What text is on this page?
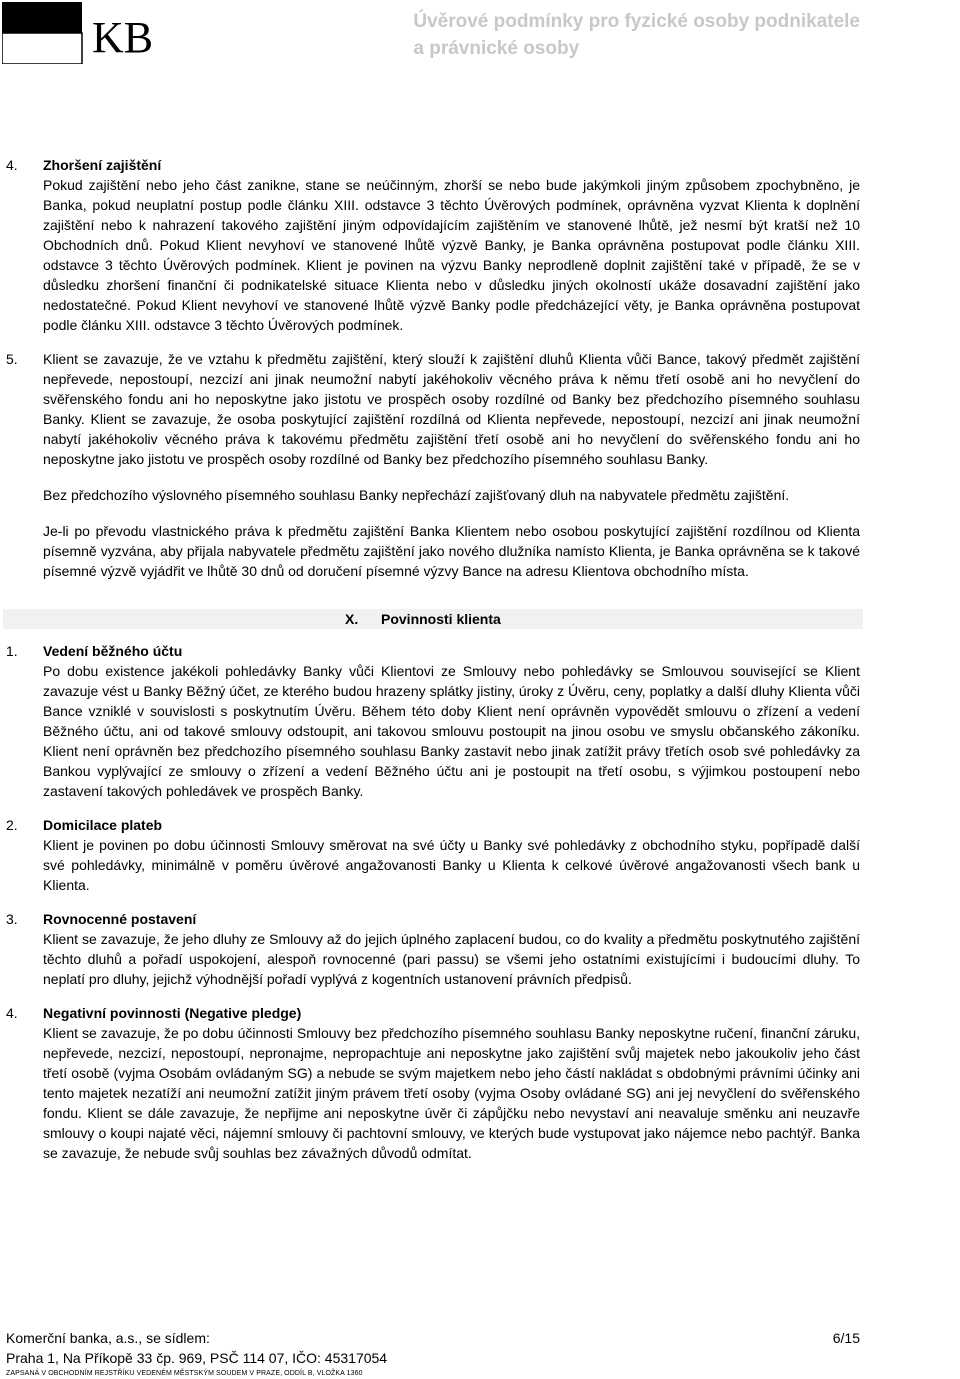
KB	Úvěrové podmínky pro fyzické osoby podnikatele
a právnické osoby
4.	Zhoršení zajištění

Pokud zajištění nebo jeho část zanikne, stane se neúčinným, zhorší se nebo bude jakýmkoli jiným způsobem zpochybněno, je Banka, pokud neuplatní postup podle článku XIII. odstavce 3 těchto Úvěrových podmínek, oprávněna vyzvat Klienta k doplnění zajištění nebo k nahrazení takového zajištění jiným odpovídajícím zajištěním ve stanovené lhůtě, jež nesmí být kratší než 10 Obchodních dnů. Pokud Klient nevyhoví ve stanovené lhůtě výzvě Banky, je Banka oprávněna postupovat podle článku XIII. odstavce 3 těchto Úvěrových podmínek. Klient je povinen na výzvu Banky neprodleně doplnit zajištění také v případě, že se v důsledku zhoršení finanční či podnikatelské situace Klienta nebo v důsledku jiných okolností ukáže dosavadní zajištění jako nedostatečné. Pokud Klient nevyhoví ve stanovené lhůtě výzvě Banky podle předcházející věty, je Banka oprávněna postupovat podle článku XIII. odstavce 3 těchto Úvěrových podmínek.

5.	Klient se zavazuje, že ve vztahu k předmětu zajištění, který slouží k zajištění dluhů Klienta vůči Bance, takový předmět zajištění nepřevede, nepostoupí, nezcizí ani jinak neumožní nabytí jakéhokoliv věcného práva k němu třetí osobě ani ho nevyčlení do svěřenského fondu ani ho neposkytne jako jistotu ve prospěch osoby rozdílné od Banky bez předchozího písemného souhlasu Banky. Klient se zavazuje, že osoba poskytující zajištění rozdílná od Klienta nepřevede, nepostoupí, nezcizí ani jinak neumožní nabytí jakéhokoliv věcného práva k takovému předmětu zajištění třetí osobě ani ho nevyčlení do svěřenského fondu ani ho neposkytne jako jistotu ve prospěch osoby rozdílné od Banky bez předchozího písemného souhlasu Banky.

Bez předchozího výslovného písemného souhlasu Banky nepřechází zajišťovaný dluh na nabyvatele předmětu zajištění.

Je-li po převodu vlastnického práva k předmětu zajištění Banka Klientem nebo osobou poskytující zajištění rozdílnou od Klienta písemně vyzvána, aby přijala nabyvatele předmětu zajištění jako nového dlužníka namísto Klienta, je Banka oprávněna se k takové písemné výzvě vyjádřit ve lhůtě 30 dnů od doručení písemné výzvy Bance na adresu Klientova obchodního místa.

X. Povinnosti klienta
1.	Vedení běžného účtu

Po dobu existence jakékoli pohledávky Banky vůči Klientovi ze Smlouvy nebo pohledávky se Smlouvou související se Klient zavazuje vést u Banky Běžný účet, ze kterého budou hrazeny splátky jistiny, úroky z Úvěru, ceny, poplatky a další dluhy Klienta vůči Bance vzniklé v souvislosti s poskytnutím Úvěru. Během této doby Klient není oprávněn vypovědět smlouvu o zřízení a vedení Běžného účtu, ani od takové smlouvy odstoupit, ani takovou smlouvu postoupit na jinou osobu ve smyslu občanského zákoníku. Klient není oprávněn bez předchozího písemného souhlasu Banky zastavit nebo jinak zatížit právy třetích osob své pohledávky za Bankou vyplývající ze smlouvy o zřízení a vedení Běžného účtu ani je postoupit na třetí osobu, s výjimkou postoupení nebo zastavení takových pohledávek ve prospěch Banky.

2.	Domicilace plateb

Klient je povinen po dobu účinnosti Smlouvy směrovat na své účty u Banky své pohledávky z obchodního styku, popřípadě další své pohledávky, minimálně v poměru úvěrové angažovanosti Banky u Klienta k celkové úvěrové angažovanosti všech bank u Klienta.

3.	Rovnocenné postavení

Klient se zavazuje, že jeho dluhy ze Smlouvy až do jejich úplného zaplacení budou, co do kvality a předmětu poskytnutého zajištění těchto dluhů a pořadí uspokojení, alespoň rovnocenné (pari passu) se všemi jeho ostatními existujícími i budoucími dluhy. To neplatí pro dluhy, jejichž výhodnější pořadí vyplývá z kogentních ustanovení právních předpisů.

4.	Negativní povinnosti (Negative pledge)

Klient se zavazuje, že po dobu účinnosti Smlouvy bez předchozího písemného souhlasu Banky neposkytne ručení, finanční záruku, nepřevede, nezcizí, nepostoupí, nepronajme, nepropachtuje ani neposkytne jako zajištění svůj majetek nebo jakoukoliv jeho část třetí osobě (vyjma Osobám ovládaným SG) a nebude se svým majetkem nebo jeho částí nakládat s obdobnými právními účinky ani tento majetek nezatíží ani neumožní zatížit jiným právem třetí osoby (vyjma Osoby ovládané SG) ani jej nevyčlení do svěřenského fondu. Klient se dále zavazuje, že nepřijme ani neposkytne úvěr či zápůjčku nebo nevystaví ani neavaluje směnku ani neuzavře smlouvy o koupi najaté věci, nájemní smlouvy či pachtovní smlouvy, ve kterých bude vystupovat jako nájemce nebo pachtýř. Banka se zavazuje, že nebude svůj souhlas bez závažných důvodů odmítat.

Komerční banka, a.s., se sídlem:	6/15
Praha 1, Na Příkopě 33 čp. 969, PSČ 114 07, IČO: 45317054
ZAPSANÁ V OBCHODNÍM REJSTŘÍKU VEDENÉM MĚSTSKÝM SOUDEM V PRAZE, ODDÍL B, VLOŽKA 1360
